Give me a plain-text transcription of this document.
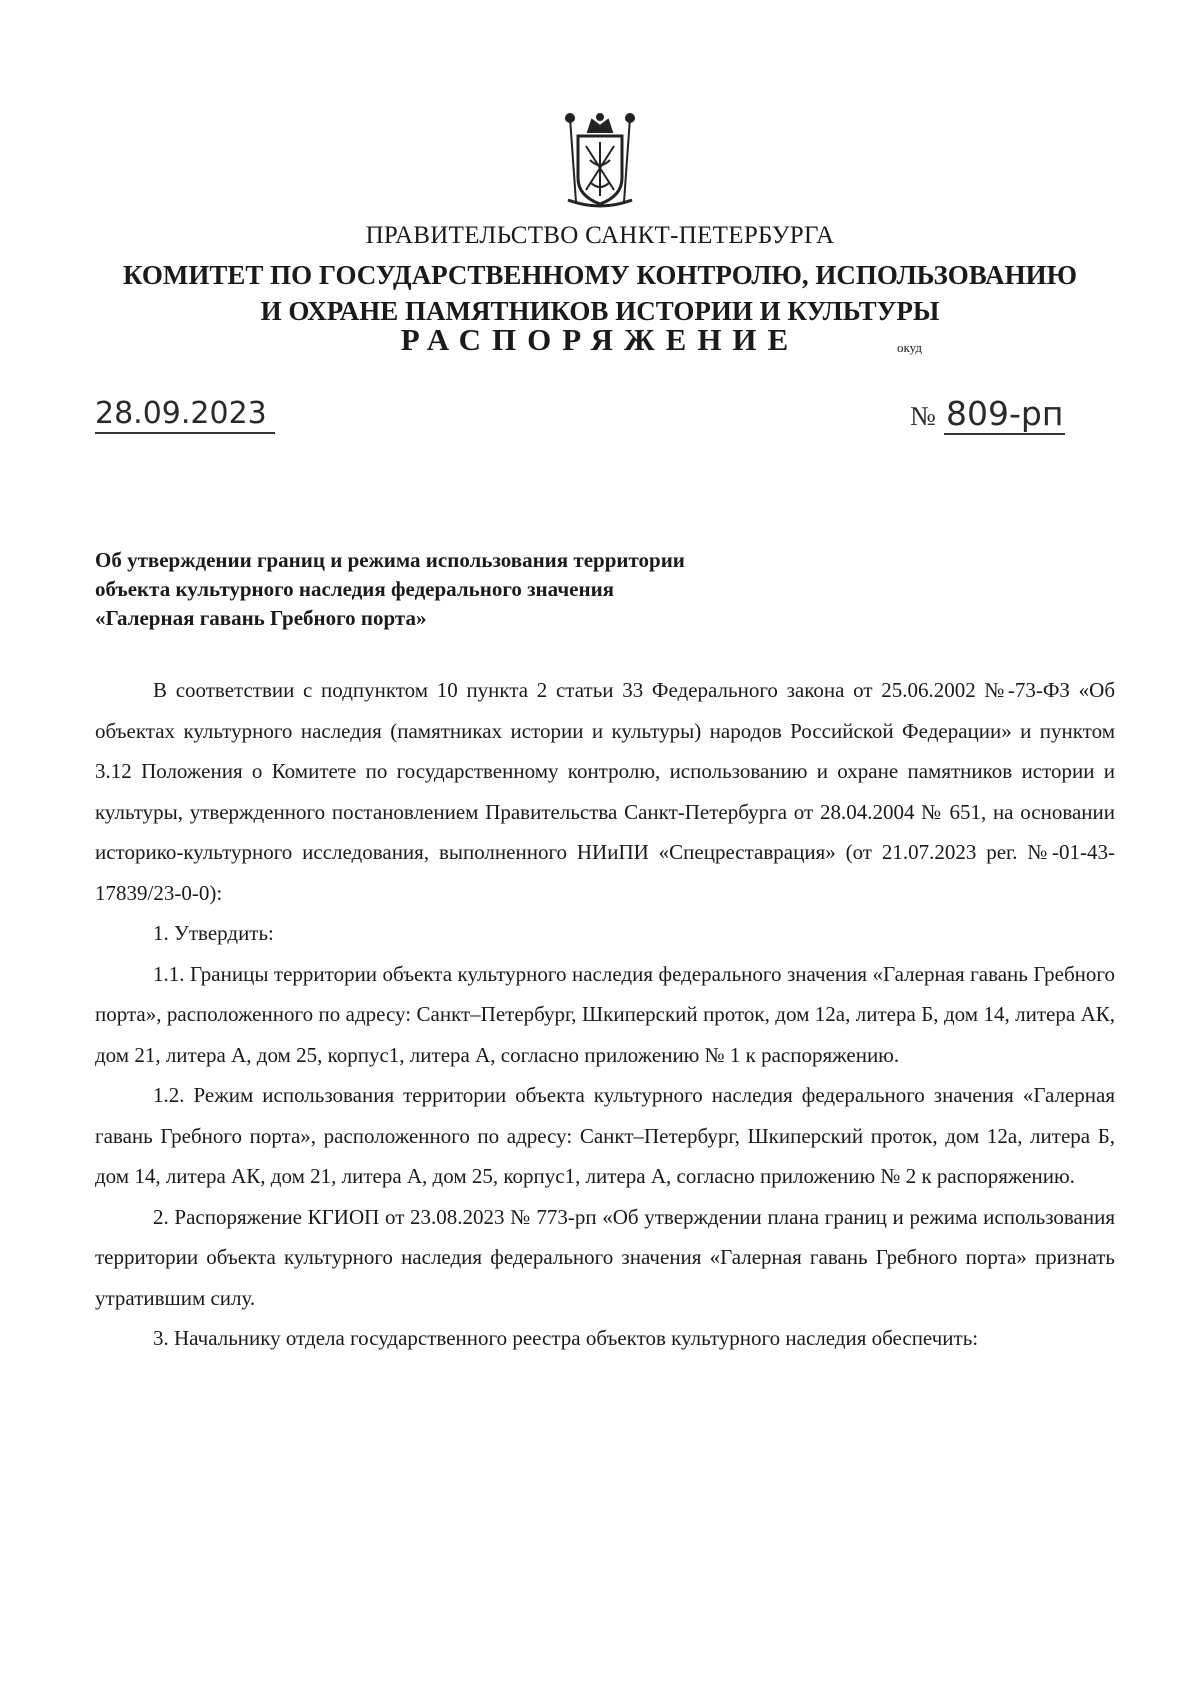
ПРАВИТЕЛЬСТВО САНКТ-ПЕТЕРБУРГА
КОМИТЕТ ПО ГОСУДАРСТВЕННОМУ КОНТРОЛЮ, ИСПОЛЬЗОВАНИЮ
И ОХРАНЕ ПАМЯТНИКОВ ИСТОРИИ И КУЛЬТУРЫ
РАСПОРЯЖЕНИЕ	окуд
28.09.2023	№ 809-рп
Об утверждении границ и режима использования территории
объекта культурного наследия федерального значения
«Галерная гавань Гребного порта»

В соответствии с подпунктом 10 пункта 2 статьи 33 Федерального закона от 25.06.2002 №-73-ФЗ «Об объектах культурного наследия (памятниках истории и культуры) народов Российской Федерации» и пунктом 3.12 Положения о Комитете по государственному контролю, использованию и охране памятников истории и культуры, утвержденного постановлением Правительства Санкт-Петербурга от 28.04.2004 № 651, на основании историко-культурного исследования, выполненного НИиПИ «Спецреставрация» (от 21.07.2023 рег. №-01-43-17839/23-0-0):

1. Утвердить:

1.1. Границы территории объекта культурного наследия федерального значения «Галерная гавань Гребного порта», расположенного по адресу: Санкт–Петербург, Шкиперский проток, дом 12а, литера Б, дом 14, литера АК, дом 21, литера А, дом 25, корпус1, литера А, согласно приложению № 1 к распоряжению.

1.2. Режим использования территории объекта культурного наследия федерального значения «Галерная гавань Гребного порта», расположенного по адресу: Санкт–Петербург, Шкиперский проток, дом 12а, литера Б, дом 14, литера АК, дом 21, литера А, дом 25, корпус1, литера А, согласно приложению № 2 к распоряжению.

2. Распоряжение КГИОП от 23.08.2023 № 773-рп «Об утверждении плана границ и режима использования территории объекта культурного наследия федерального значения «Галерная гавань Гребного порта» признать утратившим силу.

3. Начальнику отдела государственного реестра объектов культурного наследия обеспечить:
